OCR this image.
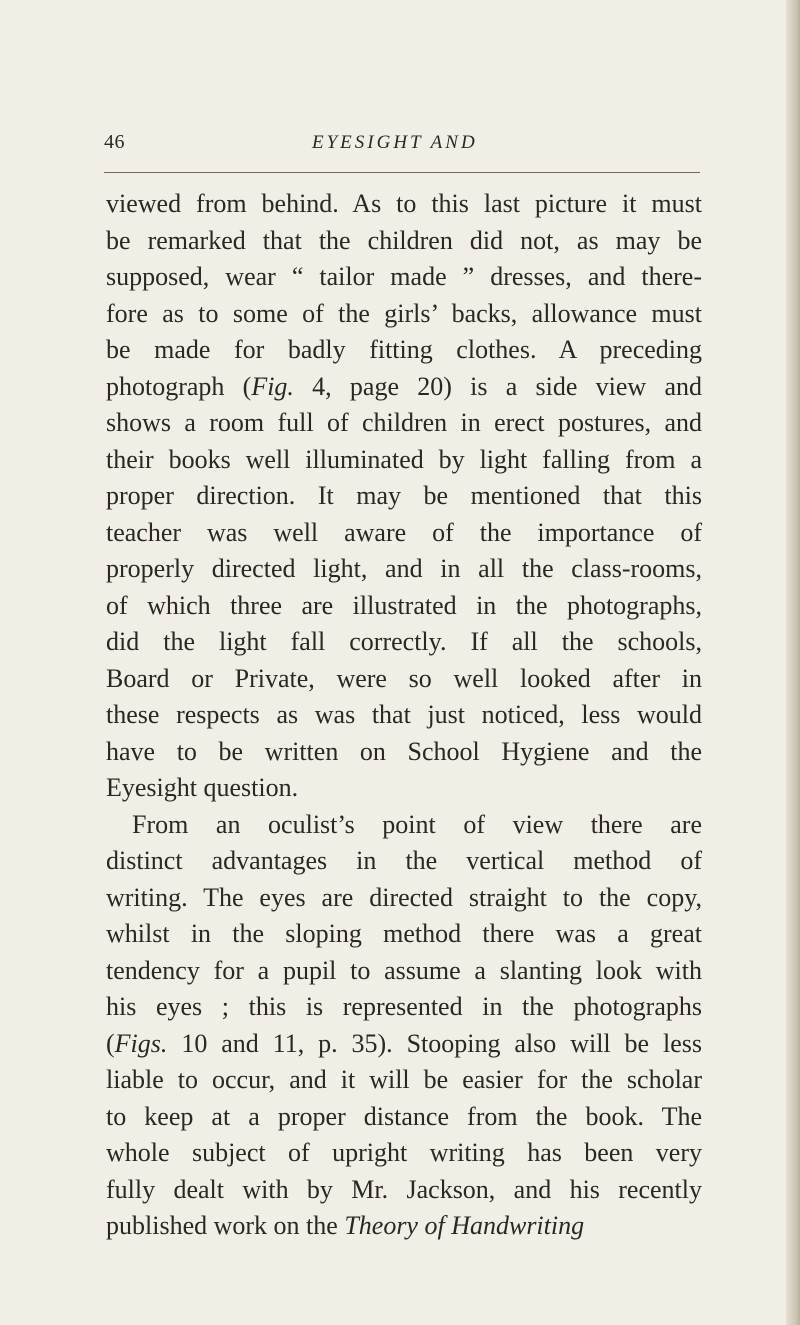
46	EYESIGHT AND
viewed from behind. As to this last picture it must
be remarked that the children did not, as may be
supposed, wear “ tailor made ” dresses, and there-
fore as to some of the girls’ backs, allowance must
be made for badly fitting clothes. A preceding
photograph (Fig. 4, page 20) is a side view and
shows a room full of children in erect postures, and
their books well illuminated by light falling from a
proper direction. It may be mentioned that this
teacher was well aware of the importance of
properly directed light, and in all the class-rooms,
of which three are illustrated in the photographs,
did the light fall correctly. If all the schools,
Board or Private, were so well looked after in
these respects as was that just noticed, less would
have to be written on School Hygiene and the
Eyesight question.
From an oculist’s point of view there are
distinct advantages in the vertical method of
writing. The eyes are directed straight to the copy,
whilst in the sloping method there was a great
tendency for a pupil to assume a slanting look with
his eyes ; this is represented in the photographs
(Figs. 10 and 11, p. 35). Stooping also will be less
liable to occur, and it will be easier for the scholar
to keep at a proper distance from the book. The
whole subject of upright writing has been very
fully dealt with by Mr. Jackson, and his recently
published work on the Theory of Handwriting
